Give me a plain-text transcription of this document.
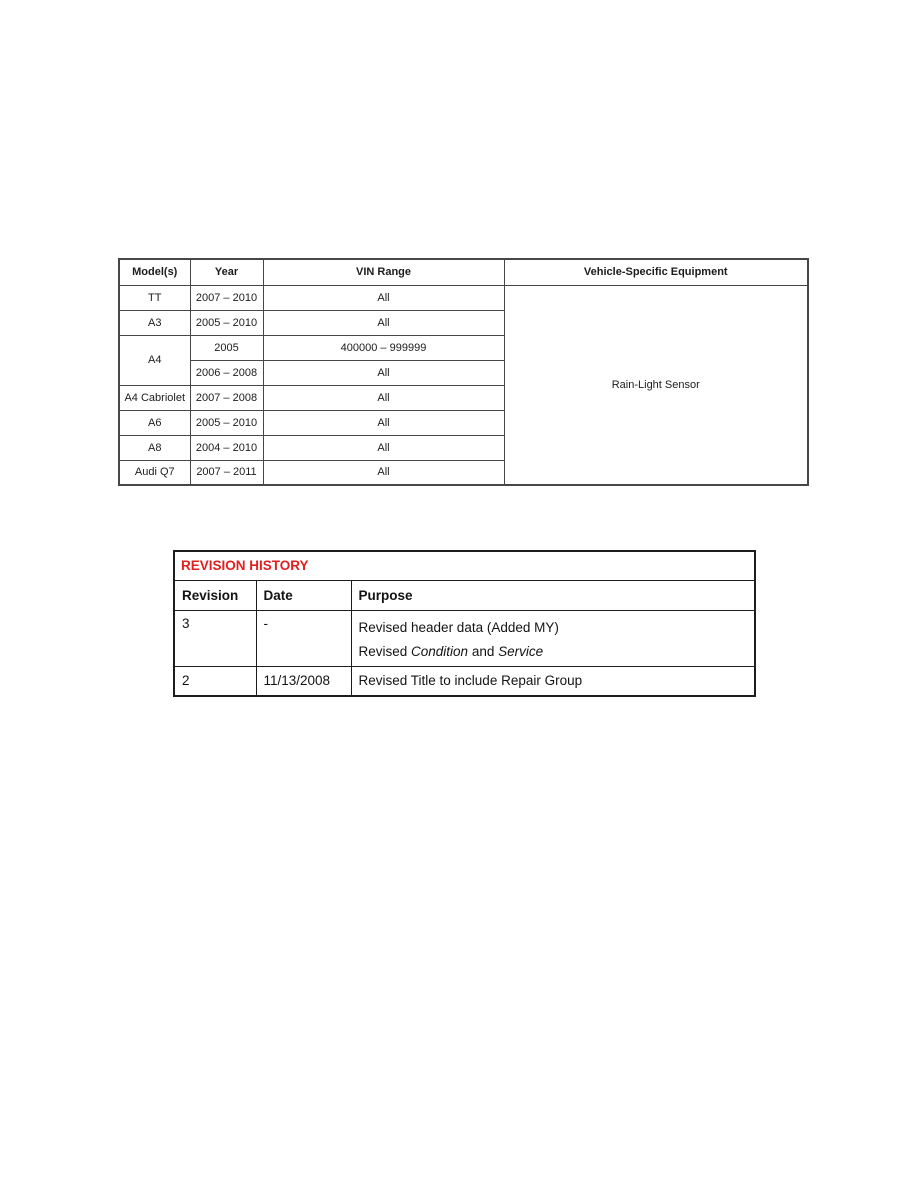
Model(s)	Year	VIN Range	Vehicle-Specific Equipment
TT	2007 – 2010	All	Rain-Light Sensor
A3	2005 – 2010	All	
A4	2005	400000 – 999999	
	2006 – 2008	All	
A4 Cabriolet	2007 – 2008	All	
A6	2005 – 2010	All	
A8	2004 – 2010	All	
Audi Q7	2007 – 2011	All	
REVISION HISTORY		
Revision	Date	Purpose
3	-	Revised header data (Added MY)
Revised Condition and Service

2	11/13/2008	Revised Title to include Repair Group
